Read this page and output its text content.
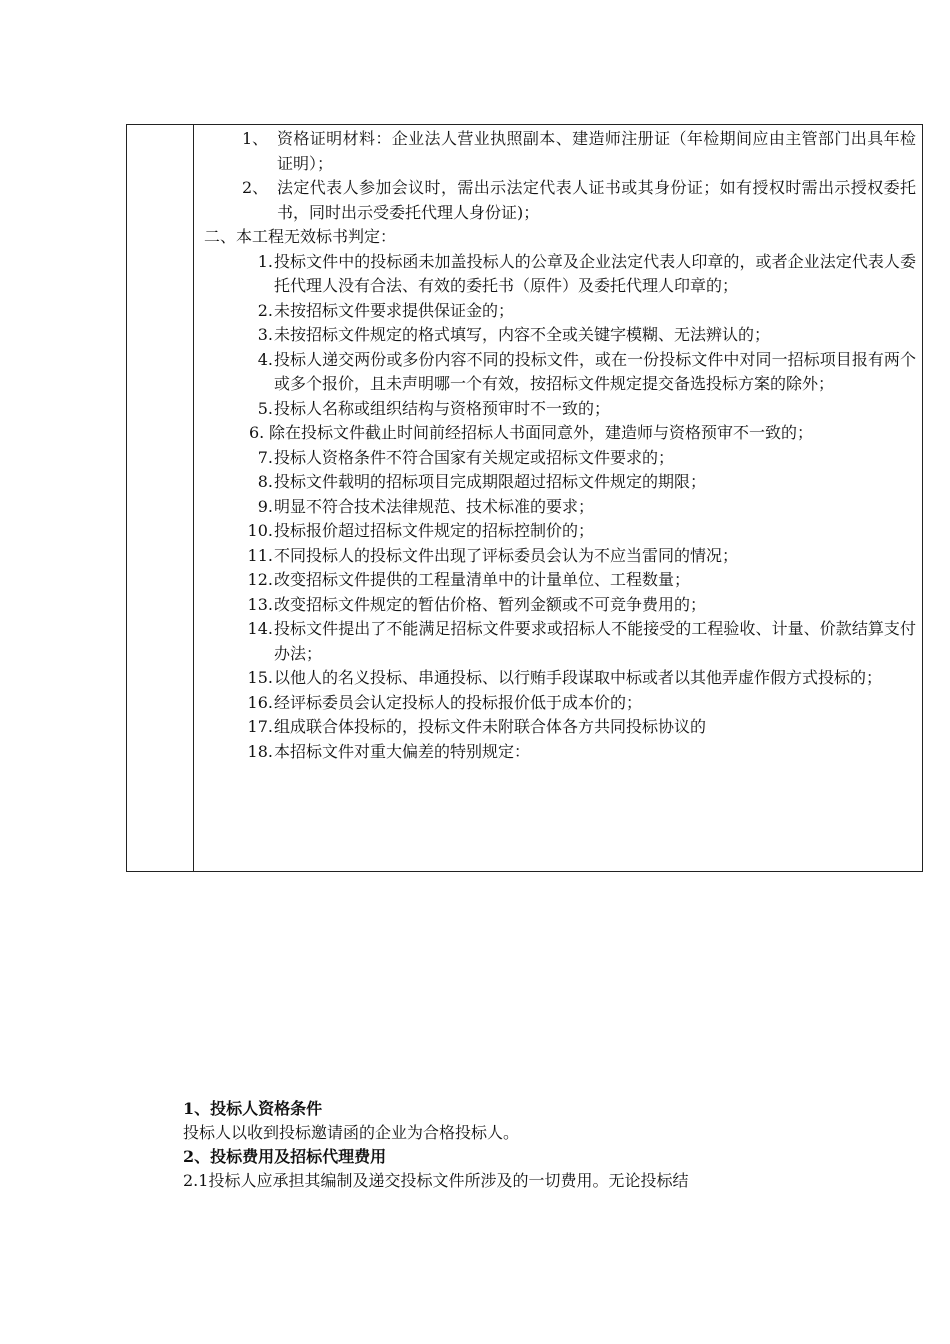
1、 资格证明材料：企业法人营业执照副本、建造师注册证（年检期间应由主管部门出具年检证明）；
2、 法定代表人参加会议时，需出示法定代表人证书或其身份证；如有授权时需出示授权委托书，同时出示受委托代理人身份证)；
二、本工程无效标书判定：
1. 投标文件中的投标函未加盖投标人的公章及企业法定代表人印章的，或者企业法定代表人委托代理人没有合法、有效的委托书（原件）及委托代理人印章的；
2. 未按招标文件要求提供保证金的；
3. 未按招标文件规定的格式填写，内容不全或关键字模糊、无法辨认的；
4. 投标人递交两份或多份内容不同的投标文件，或在一份投标文件中对同一招标项目报有两个或多个报价，且未声明哪一个有效，按招标文件规定提交备选投标方案的除外；
5. 投标人名称或组织结构与资格预审时不一致的；
6. 除在投标文件截止时间前经招标人书面同意外，建造师与资格预审不一致的；
7. 投标人资格条件不符合国家有关规定或招标文件要求的；
8. 投标文件载明的招标项目完成期限超过招标文件规定的期限；
9. 明显不符合技术法律规范、技术标准的要求；
10. 投标报价超过招标文件规定的招标控制价的；
11. 不同投标人的投标文件出现了评标委员会认为不应当雷同的情况；
12. 改变招标文件提供的工程量清单中的计量单位、工程数量；
13. 改变招标文件规定的暂估价格、暂列金额或不可竞争费用的；
14. 投标文件提出了不能满足招标文件要求或招标人不能接受的工程验收、计量、价款结算支付办法；
15. 以他人的名义投标、串通投标、以行贿手段谋取中标或者以其他弄虚作假方式投标的；
16. 经评标委员会认定投标人的投标报价低于成本价的；
17. 组成联合体投标的，投标文件未附联合体各方共同投标协议的
18. 本招标文件对重大偏差的特别规定：
1、投标人资格条件
投标人以收到投标邀请函的企业为合格投标人。
2、投标费用及招标代理费用
2.1投标人应承担其编制及递交投标文件所涉及的一切费用。无论投标结
